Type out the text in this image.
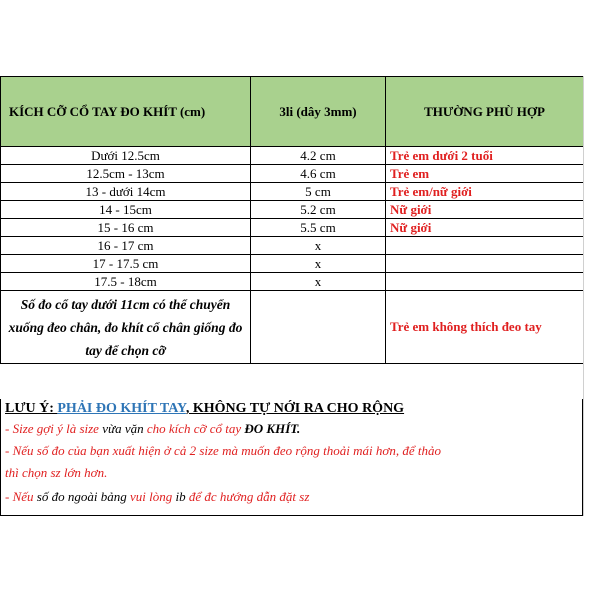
KÍCH CỠ CỔ TAY ĐO KHÍT (cm)	3li (dây 3mm)	THƯỜNG PHÙ HỢP
Dưới 12.5cm	4.2 cm	Trẻ em dưới 2 tuổi
12.5cm - 13cm	4.6 cm	Trẻ em
13 - dưới 14cm	5 cm	Trẻ em/nữ giới
14 - 15cm	5.2 cm	Nữ giới
15 - 16 cm	5.5 cm	Nữ giới
16 - 17 cm	x	
17 - 17.5 cm	x	
17.5 - 18cm	x	
Số đo cổ tay dưới 11cm có thể chuyển xuống đeo chân, đo khít cổ chân giống đo tay để chọn cỡ		Trẻ em không thích đeo tay
LƯU Ý: PHẢI ĐO KHÍT TAY, KHÔNG TỰ NỚI RA CHO RỘNG
- Size gợi ý là size vừa vặn cho kích cỡ cổ tay ĐO KHÍT.
- Nếu số đo của bạn xuất hiện ở cả 2 size mà muốn đeo rộng thoải mái hơn, để thảo
thì chọn sz lớn hơn.
- Nếu số đo ngoài bảng vui lòng ib để đc hướng dẫn đặt sz
